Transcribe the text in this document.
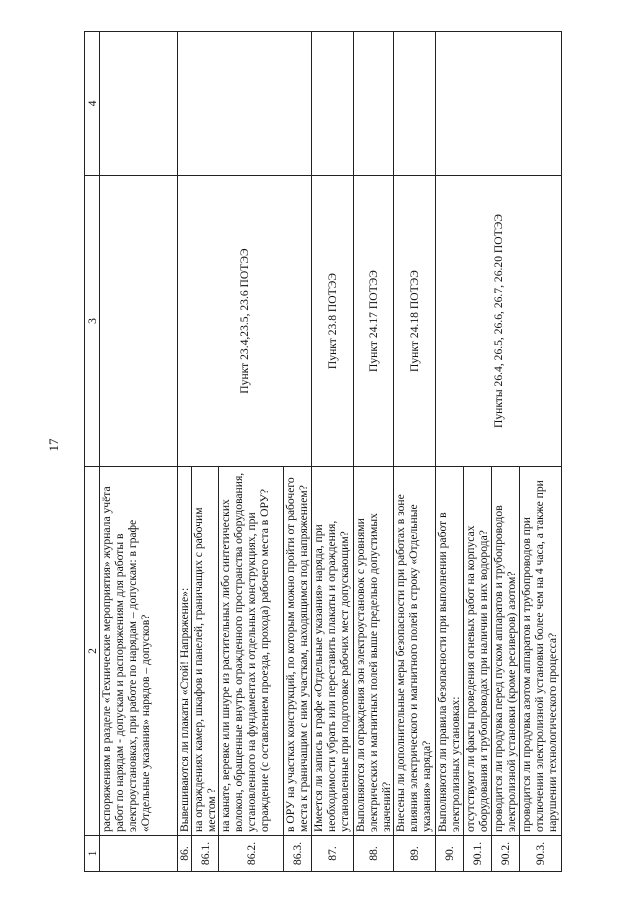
17
1	2	3	4
	распоряжениям в разделе «Технические мероприятия» журнала учёта работ по нарядам - допускам и распоряжениям для работы в электроустановках, при работе по нарядам – допускам: в графе «Отдельные указания» нарядов – допусков?		
86.	Вывешиваются ли плакаты «Стой! Напряжение»:	Пункт 23.4,23.5, 23.6 ПОТЭЭ	
86.1.	на ограждениях камер, шкафов и панелей, граничащих с рабочим местом ?		
86.2.	на канате, веревке или шнуре из растительных либо синтетических волокон, обращенные внутрь огражденного пространства оборудования, установленного на фундаментах и отдельных конструкциях, при ограждение (с оставлением проезда, прохода) рабочего места в ОРУ?		
86.3.	в ОРУ на участках конструкций, по которым можно пройти от рабочего места к граничащим с ним участкам, находящимся под напряжением?		
87.	Имеется ли запись в графе «Отдельные указания» наряда, при необходимости убрать или переставить плакаты и ограждения, установленные при подготовке рабочих мест допускающим?	Пункт 23.8 ПОТЭЭ	
88.	Выполняются ли ограждения зон электроустановок с уровнями электрических и магнитных полей выше предельно допустимых значений?	Пункт 24.17 ПОТЭЭ	
89.	Внесены ли дополнительные меры безопасности при работах в зоне влияния электрического и магнитного полей в строку «Отдельные указания» наряда?	Пункт 24.18 ПОТЭЭ	
90.	Выполняются ли правила безопасности при выполнении работ в электролизных установках:	Пункты 26.4, 26.5, 26.6, 26.7, 26.20 ПОТЭЭ	
90.1.	отсутствуют ли факты проведения огневых работ на корпусах оборудования и трубопроводах при наличии в них водорода?		
90.2.	проводится ли продувка перед пуском аппаратов и трубопроводов электролизной установки (кроме ресиверов) азотом?		
90.3.	проводится ли продувка азотом аппаратов и трубопроводов при отключении электролизной установки более чем на 4 часа, а также при нарушении технологического процесса?		
